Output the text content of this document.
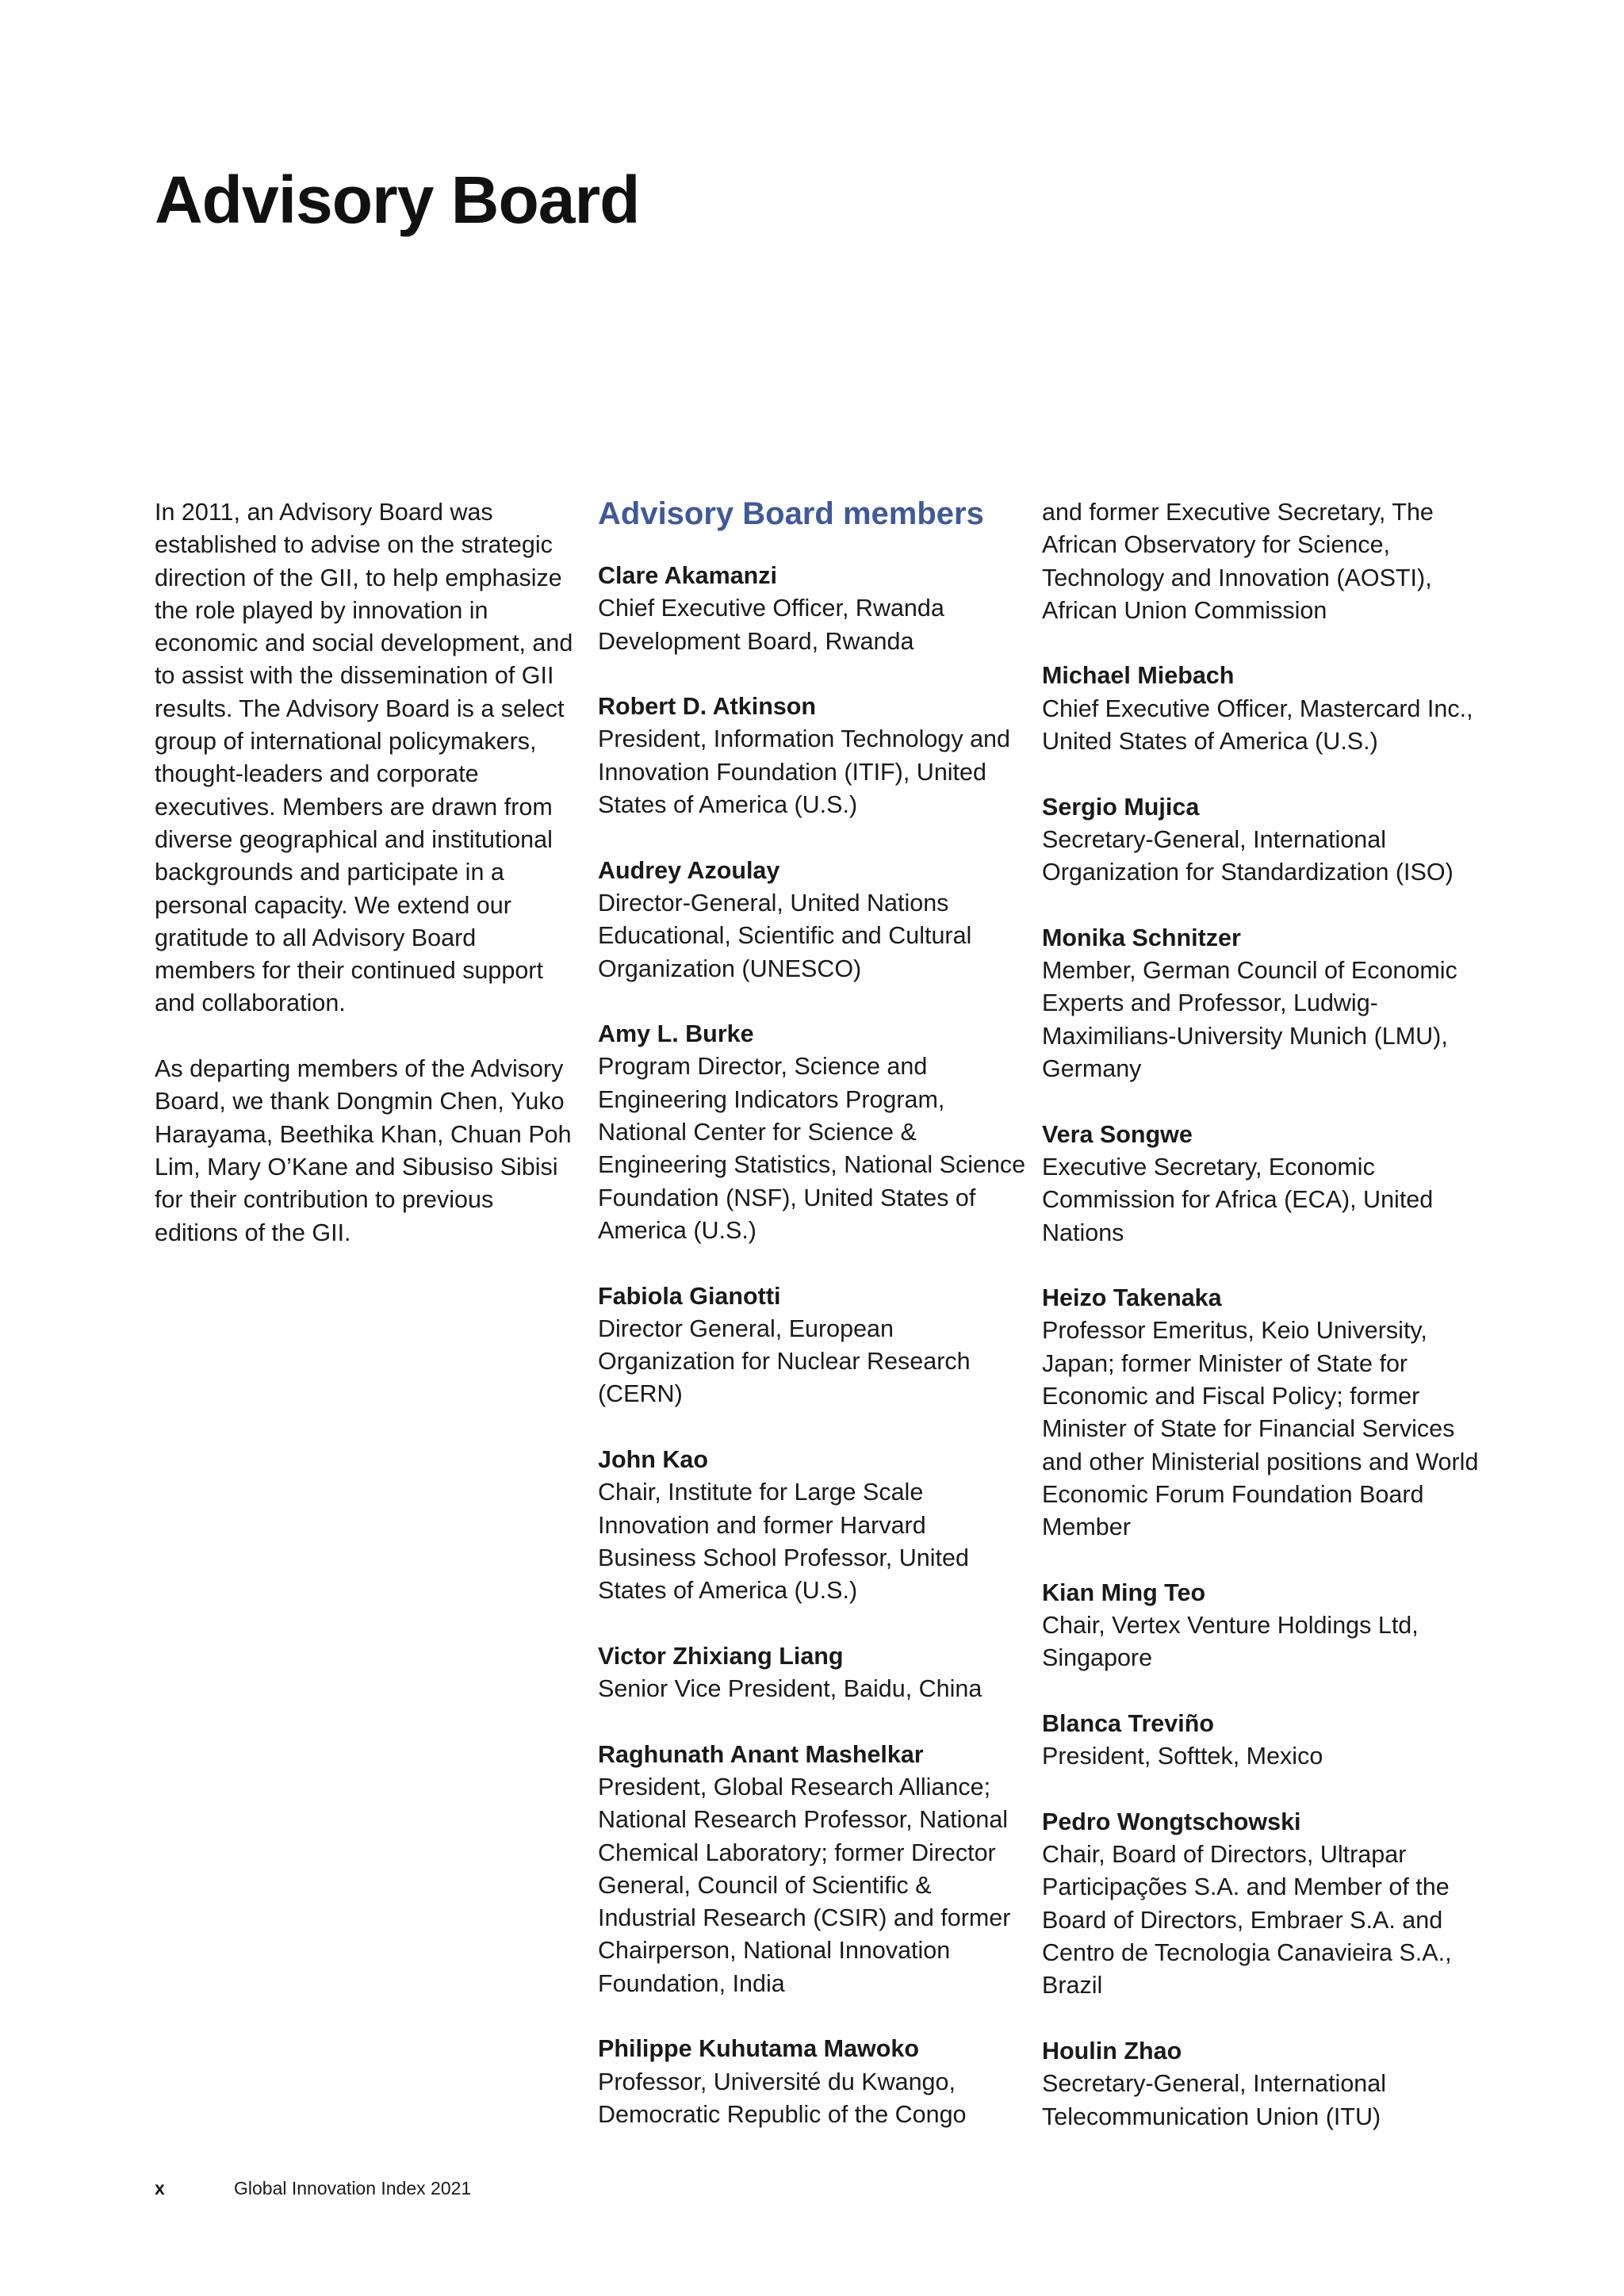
Advisory Board

In 2011, an Advisory Board was established to advise on the strategic direction of the GII, to help emphasize the role played by innovation in economic and social development, and to assist with the dissemination of GII results. The Advisory Board is a select group of international policymakers, thought-leaders and corporate executives. Members are drawn from diverse geographical and institutional backgrounds and participate in a personal capacity. We extend our gratitude to all Advisory Board members for their continued support and collaboration.

As departing members of the Advisory Board, we thank Dongmin Chen, Yuko Harayama, Beethika Khan, Chuan Poh Lim, Mary O’Kane and Sibusiso Sibisi for their contribution to previous editions of the GII.

Advisory Board members
Clare Akamanzi
Chief Executive Officer, Rwanda Development Board, Rwanda
Robert D. Atkinson
President, Information Technology and Innovation Foundation (ITIF), United States of America (U.S.)
Audrey Azoulay
Director-General, United Nations Educational, Scientific and Cultural Organization (UNESCO)
Amy L. Burke
Program Director, Science and Engineering Indicators Program, National Center for Science & Engineering Statistics, National Science Foundation (NSF), United States of America (U.S.)
Fabiola Gianotti
Director General, European Organization for Nuclear Research (CERN)
John Kao
Chair, Institute for Large Scale Innovation and former Harvard Business School Professor, United States of America (U.S.)
Victor Zhixiang Liang
Senior Vice President, Baidu, China
Raghunath Anant Mashelkar
President, Global Research Alliance; National Research Professor, National Chemical Laboratory; former Director General, Council of Scientific & Industrial Research (CSIR) and former Chairperson, National Innovation Foundation, India
Philippe Kuhutama Mawoko
Professor, Université du Kwango, Democratic Republic of the Congo

and former Executive Secretary, The African Observatory for Science, Technology and Innovation (AOSTI), African Union Commission

Michael Miebach
Chief Executive Officer, Mastercard Inc., United States of America (U.S.)
Sergio Mujica
Secretary-General, International Organization for Standardization (ISO)
Monika Schnitzer
Member, German Council of Economic Experts and Professor, Ludwig-Maximilians-University Munich (LMU), Germany
Vera Songwe
Executive Secretary, Economic Commission for Africa (ECA), United Nations
Heizo Takenaka
Professor Emeritus, Keio University, Japan; former Minister of State for Economic and Fiscal Policy; former Minister of State for Financial Services and other Ministerial positions and World Economic Forum Foundation Board Member
Kian Ming Teo
Chair, Vertex Venture Holdings Ltd, Singapore
Blanca Treviño
President, Softtek, Mexico
Pedro Wongtschowski
Chair, Board of Directors, Ultrapar Participações S.A. and Member of the Board of Directors, Embraer S.A. and Centro de Tecnologia Canavieira S.A., Brazil
Houlin Zhao
Secretary-General, International Telecommunication Union (ITU)
x	Global Innovation Index 2021
